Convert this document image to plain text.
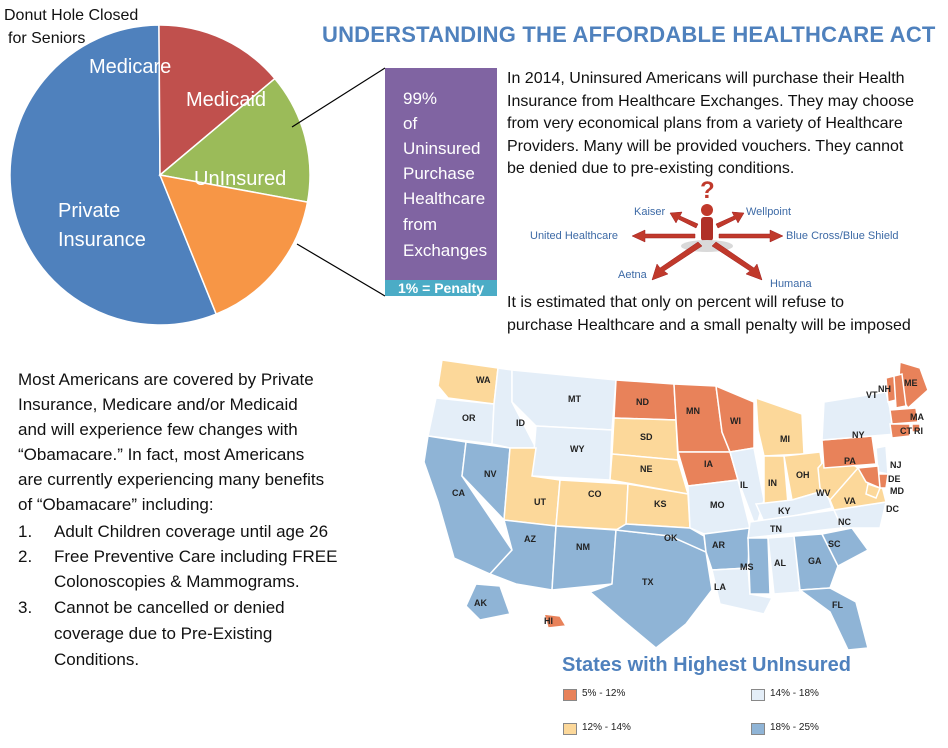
Donut Hole Closed
for Seniors
Medicare
Medicaid
UnInsured
Private
Insurance
UNDERSTANDING THE AFFORDABLE HEALTHCARE ACT
99%
of
Uninsured
Purchase
Healthcare
from
Exchanges
1% = Penalty
In 2014, Uninsured Americans will purchase their Health
Insurance from Healthcare Exchanges. They may choose
from very economical plans from a variety of Healthcare
Providers. Many will be provided vouchers. They cannot
be denied due to pre-existing conditions.
?
Kaiser	Wellpoint
United Healthcare	Blue Cross/Blue Shield
Aetna
Humana
It is estimated that only on percent will refuse to
purchase Healthcare and a small penalty will be imposed
Most Americans are covered by Private
Insurance, Medicare and/or Medicaid
and will experience few changes with
“Obamacare.” In fact, most Americans
are currently experiencing many benefits
of “Obamacare” including:
1. Adult Children coverage until age 26
2. Free Preventive Care including FREE
Colonoscopies & Mammograms.
3. Cannot be cancelled or denied
coverage due to Pre-Existing
Conditions.
WA
OR
CA
NV
ID
MT
WY
UT
CO
AZ
NM
TX
ND
SD
NE
KS
OK
MN
IA
MO
AR
LA
WI
IL
MI
IN
OH
KY
TN
MS AL GA
FL
SC
NC
VA
WV
PA
NY
ME
VT
NH
MA
RI
CT
NJ
DE
MD
DC
AK
HI
States with Highest UnInsured
5% - 12%	14% - 18%
12% - 14%	18% - 25%
